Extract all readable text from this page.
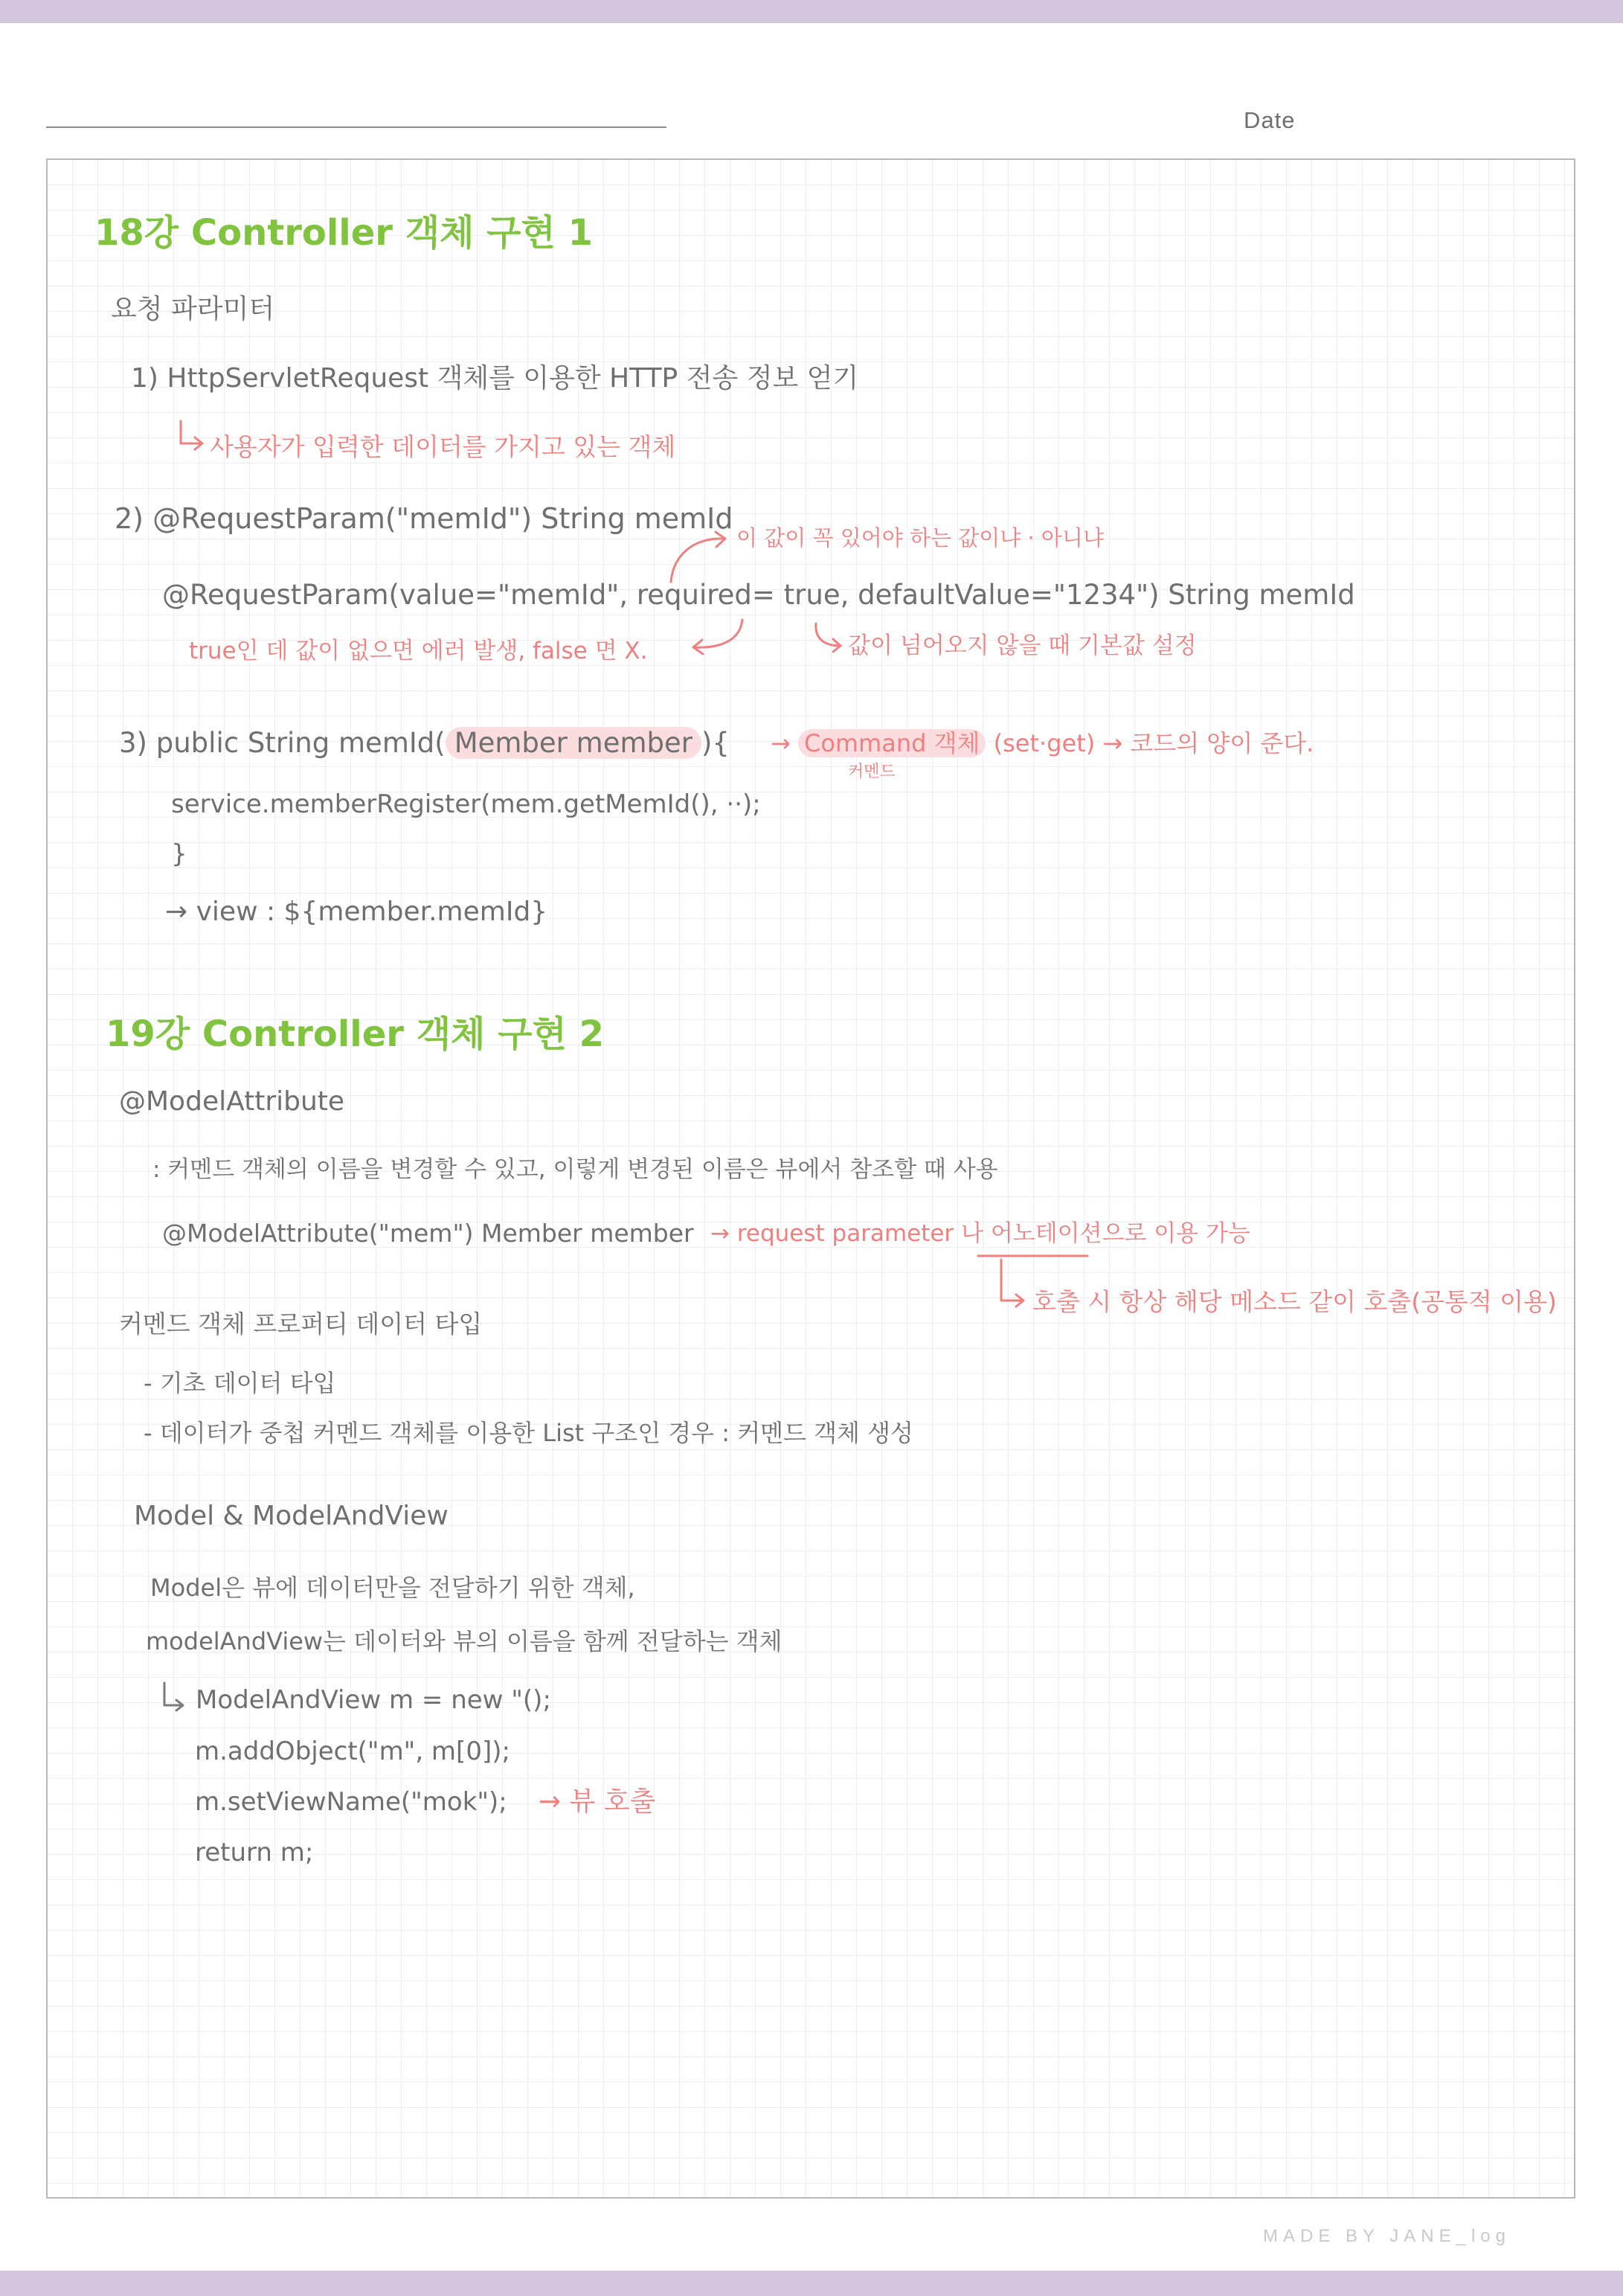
Date
18강 Controller 객체 구현 1
요청 파라미터
1) HttpServletRequest 객체를 이용한 HTTP 전송 정보 얻기
사용자가 입력한 데이터를 가지고 있는 객체
2) @RequestParam("memId") String memId
이 값이 꼭 있어야 하는 값이냐 · 아니냐
@RequestParam(value="memId", required= true, defaultValue="1234") String memId
true인 데 값이 없으면 에러 발생, false 면 X.	값이 넘어오지 않을 때 기본값 설정
3) public String memId( Member member ){ → Command 객체 (set·get) → 코드의 양이 준다.
커멘드
service.memberRegister(mem.getMemId(), ··);
}
→ view : ${member.memId}
19강 Controller 객체 구현 2
@ModelAttribute
: 커멘드 객체의 이름을 변경할 수 있고, 이렇게 변경된 이름은 뷰에서 참조할 때 사용
@ModelAttribute("mem") Member member → request parameter 나 어노테이션으로 이용 가능
호출 시 항상 해당 메소드 같이 호출(공통적 이용)
커멘드 객체 프로퍼티 데이터 타입
- 기초 데이터 타입
- 데이터가 중첩 커멘드 객체를 이용한 List 구조인 경우 : 커멘드 객체 생성
Model & ModelAndView
Model은 뷰에 데이터만을 전달하기 위한 객체,
modelAndView는 데이터와 뷰의 이름을 함께 전달하는 객체
ModelAndView m = new "();
m.addObject("m", m[0]);
m.setViewName("mok"); → 뷰 호출
return m;
MADE BY JANE_log
